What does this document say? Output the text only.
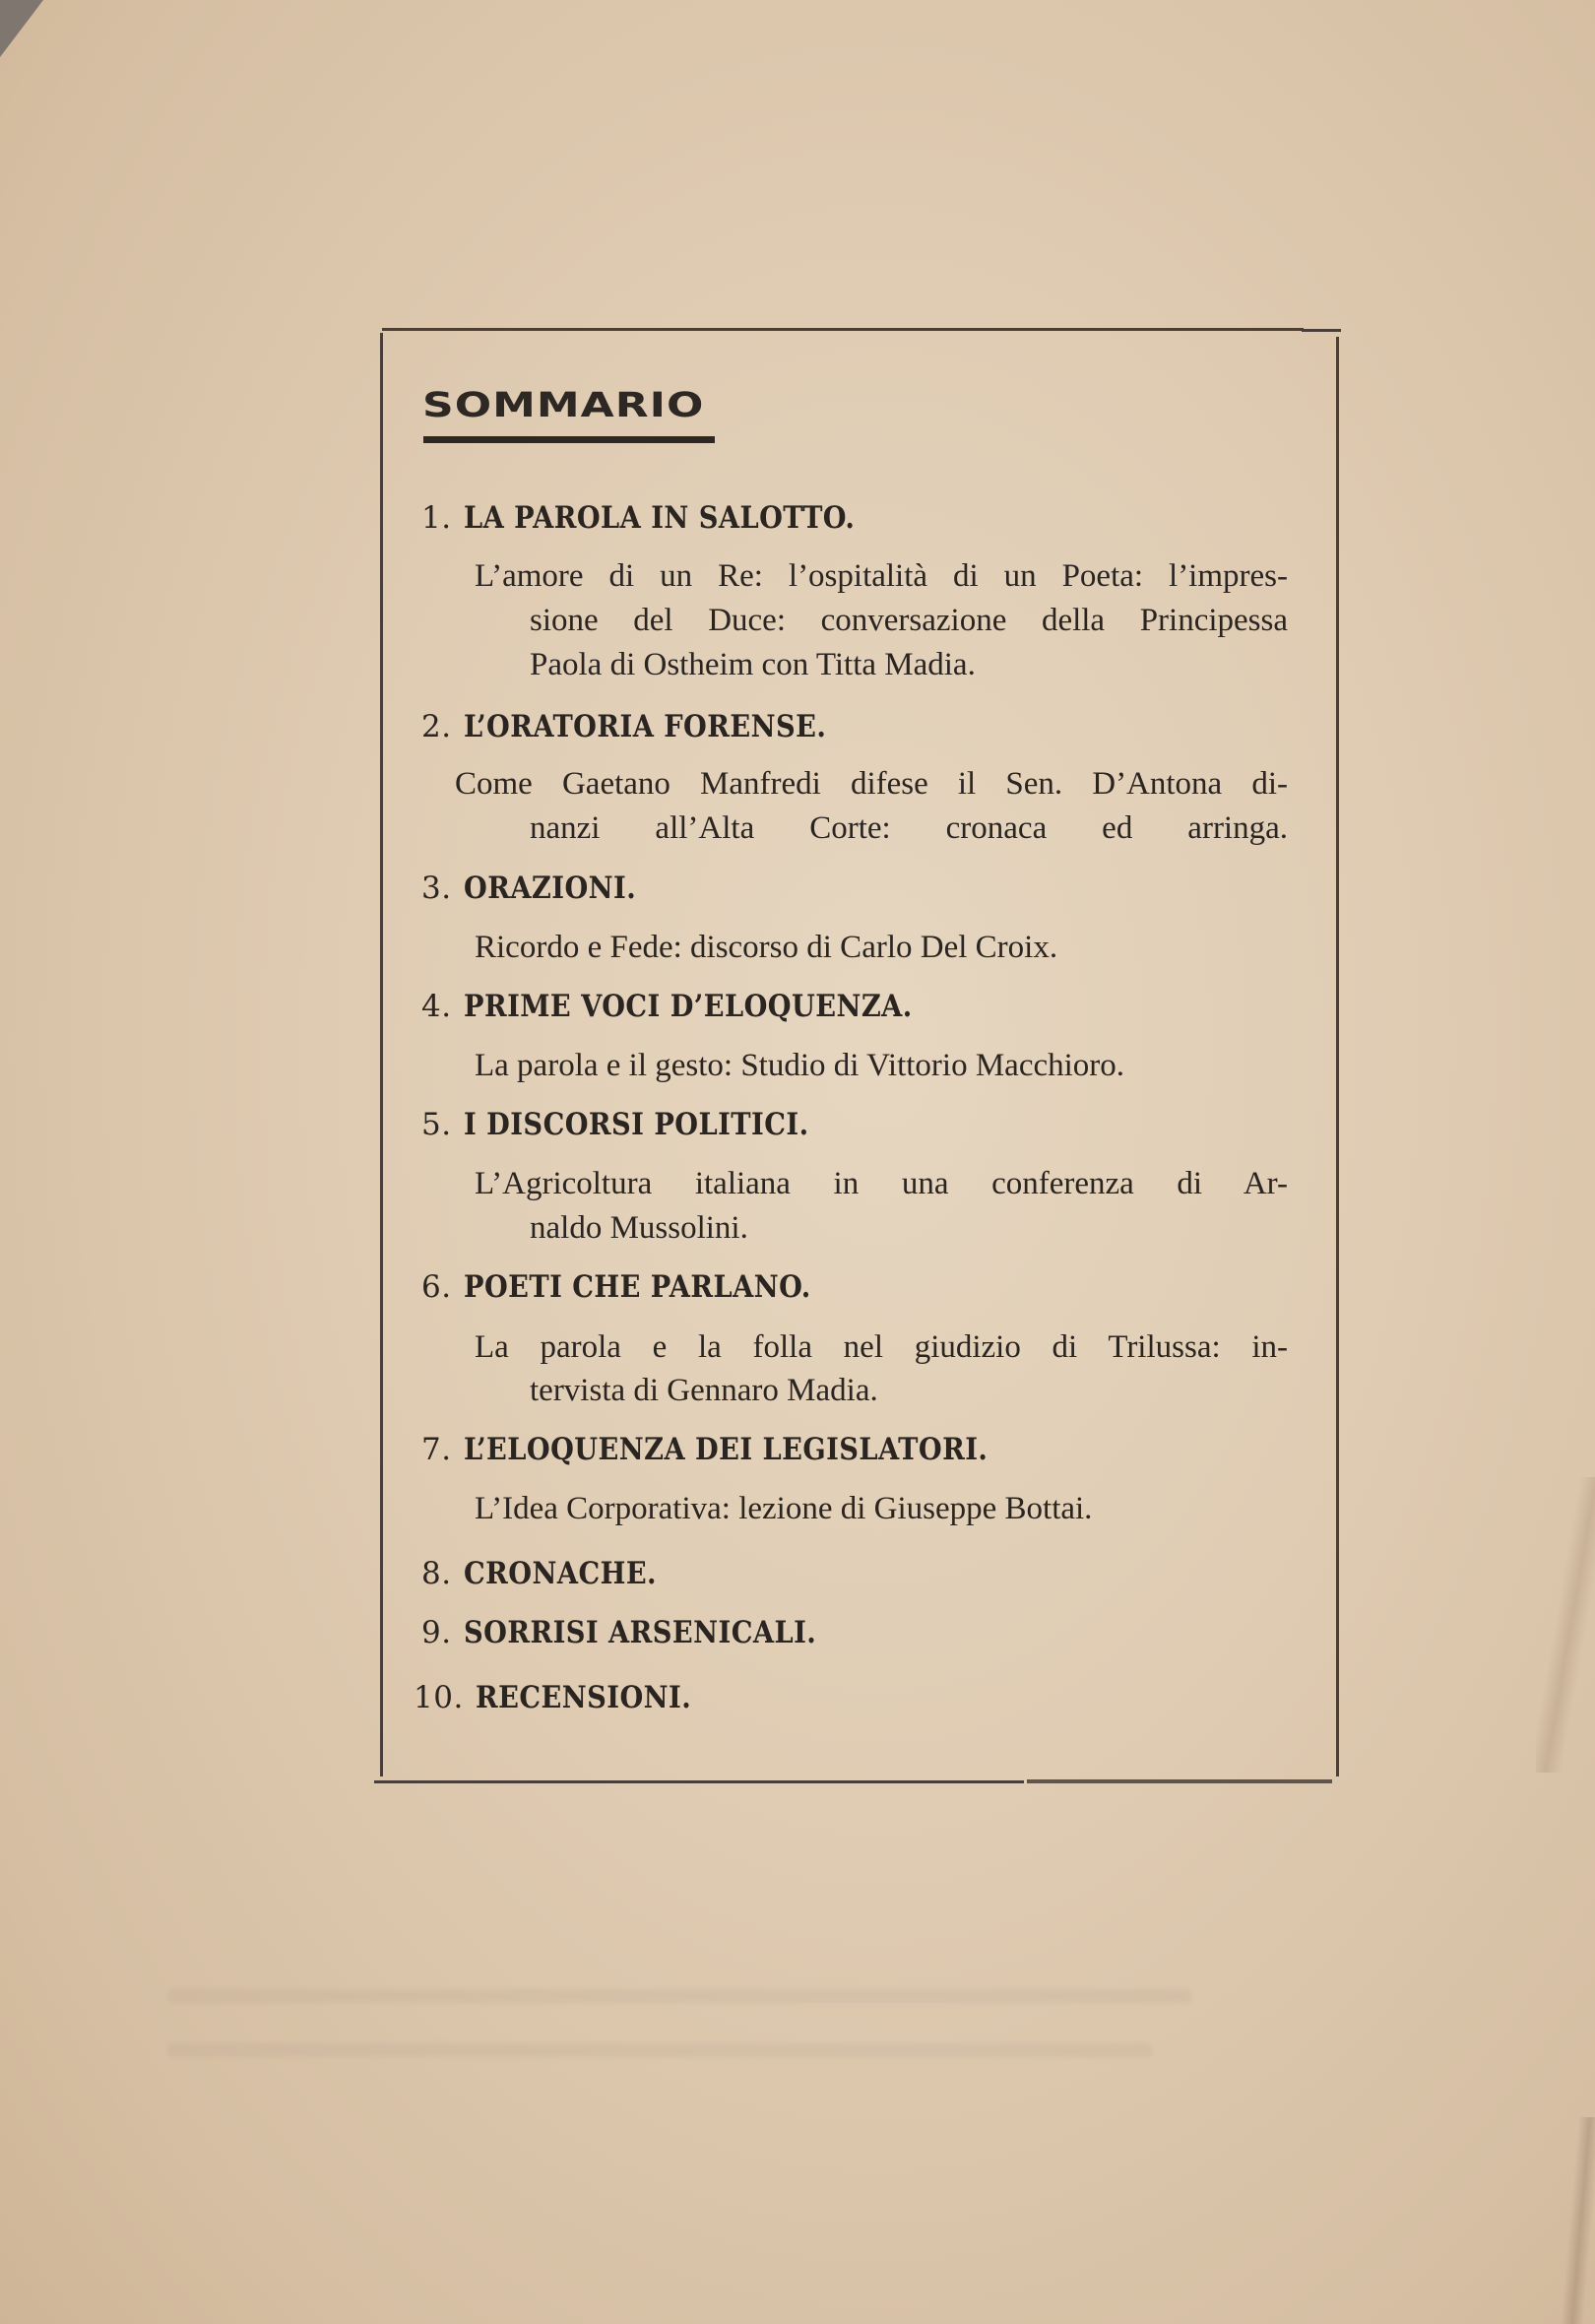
SOMMARIO
1. LA PAROLA IN SALOTTO.
L’amore di un Re: l’ospitalità di un Poeta: l’impres-
sione del Duce: conversazione della Principessa
Paola di Ostheim con Titta Madia.
2. L’ORATORIA FORENSE.
Come Gaetano Manfredi difese il Sen. D’Antona di-
nanzi all’Alta Corte: cronaca ed arringa.
3. ORAZIONI.
Ricordo e Fede: discorso di Carlo Del Croix.
4. PRIME VOCI D’ELOQUENZA.
La parola e il gesto: Studio di Vittorio Macchioro.
5. I DISCORSI POLITICI.
L’Agricoltura italiana in una conferenza di Ar-
naldo Mussolini.
6. POETI CHE PARLANO.
La parola e la folla nel giudizio di Trilussa: in-
tervista di Gennaro Madia.
7. L’ELOQUENZA DEI LEGISLATORI.
L’Idea Corporativa: lezione di Giuseppe Bottai.
8. CRONACHE.
9. SORRISI ARSENICALI.
10. RECENSIONI.
